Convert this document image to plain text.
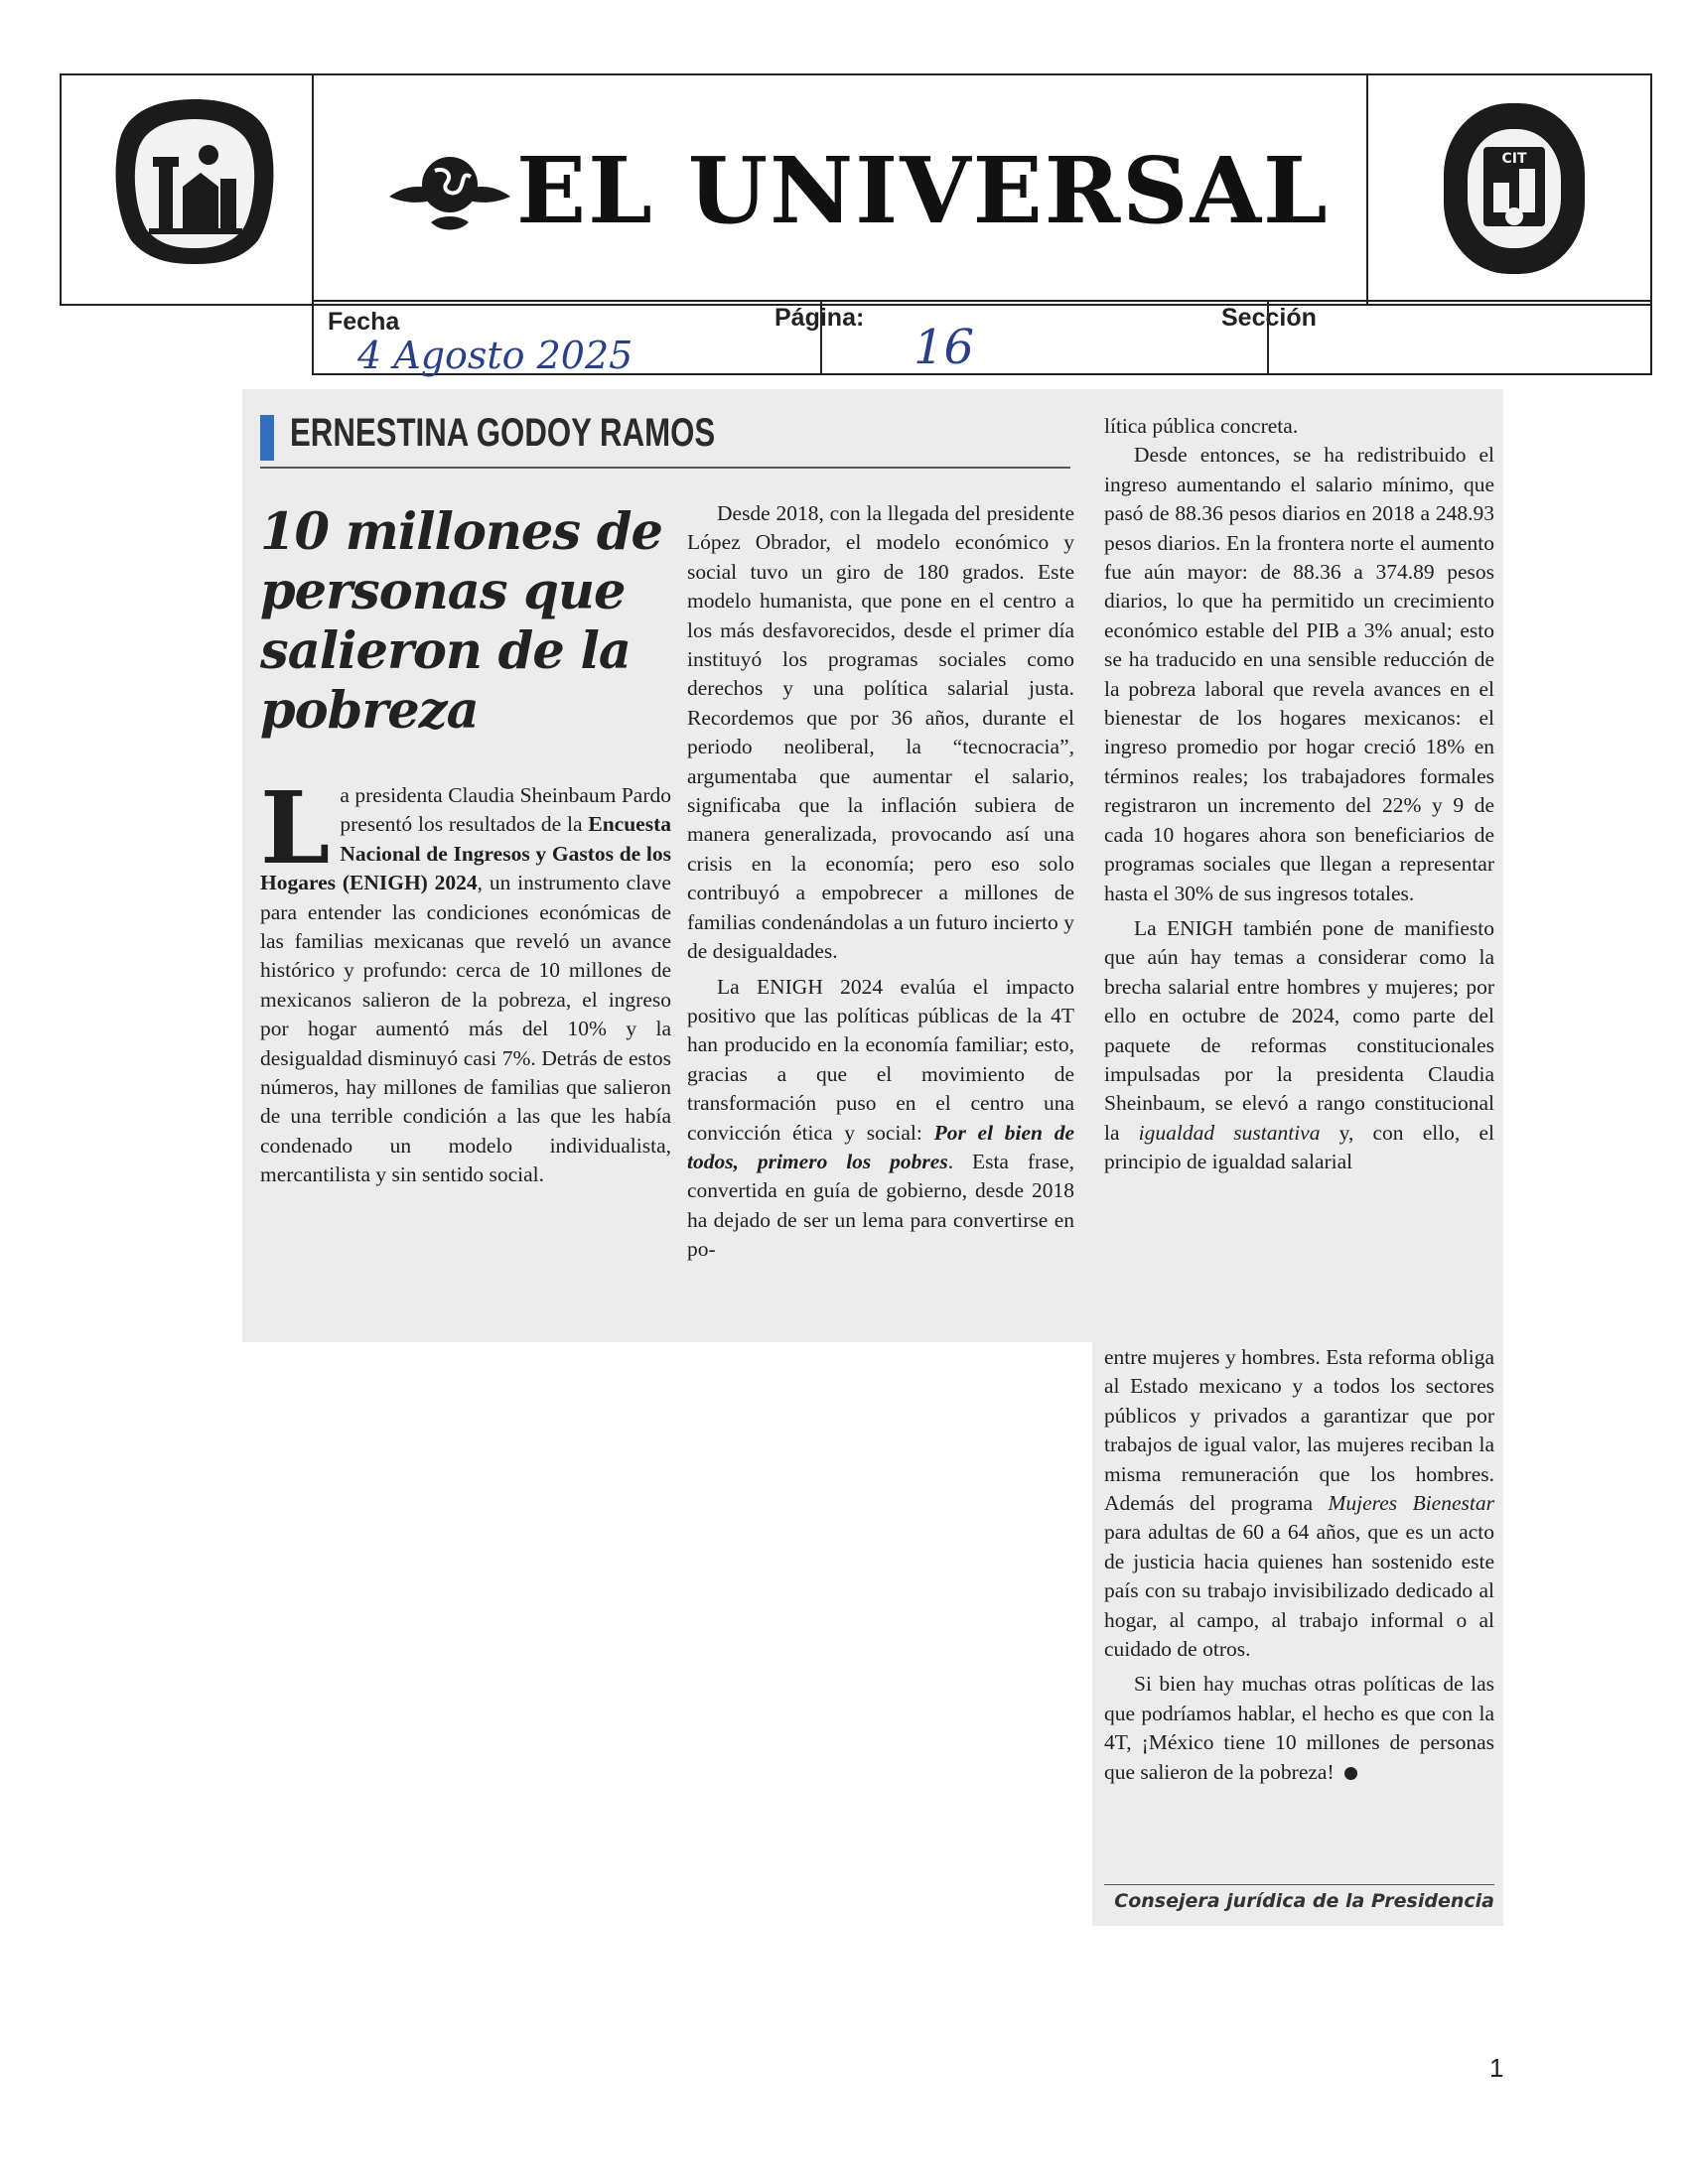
EL UNIVERSAL	CIT
Fecha
4 Agosto 2025
Página:
16
Sección
ERNESTINA GODOY RAMOS
10 millones de personas que salieron de la pobreza

La presidenta Claudia Sheinbaum Pardo presentó los resultados de la Encuesta Nacional de Ingresos y Gastos de los Hogares (ENIGH) 2024, un instrumento clave para entender las condiciones económicas de las familias mexicanas que reveló un avance histórico y profundo: cerca de 10 millones de mexicanos salieron de la pobreza, el ingreso por hogar aumentó más del 10% y la desigualdad disminuyó casi 7%. Detrás de estos números, hay millones de familias que salieron de una terrible condición a las que les había condenado un modelo individualista, mercantilista y sin sentido social.

Desde 2018, con la llegada del presidente López Obrador, el modelo económico y social tuvo un giro de 180 grados. Este modelo humanista, que pone en el centro a los más desfavorecidos, desde el primer día instituyó los programas sociales como derechos y una política salarial justa. Recordemos que por 36 años, durante el periodo neoliberal, la “tecnocracia”, argumentaba que aumentar el salario, significaba que la inflación subiera de manera generalizada, provocando así una crisis en la economía; pero eso solo contribuyó a empobrecer a millones de familias condenándolas a un futuro incierto y de desigualdades.

La ENIGH 2024 evalúa el impacto positivo que las políticas públicas de la 4T han producido en la economía familiar; esto, gracias a que el movimiento de transformación puso en el centro una convicción ética y social: Por el bien de todos, primero los pobres. Esta frase, convertida en guía de gobierno, desde 2018 ha dejado de ser un lema para convertirse en po-

lítica pública concreta.

Desde entonces, se ha redistribuido el ingreso aumentando el salario mínimo, que pasó de 88.36 pesos diarios en 2018 a 248.93 pesos diarios. En la frontera norte el aumento fue aún mayor: de 88.36 a 374.89 pesos diarios, lo que ha permitido un crecimiento económico estable del PIB a 3% anual; esto se ha traducido en una sensible reducción de la pobreza laboral que revela avances en el bienestar de los hogares mexicanos: el ingreso promedio por hogar creció 18% en términos reales; los trabajadores formales registraron un incremento del 22% y 9 de cada 10 hogares ahora son beneficiarios de programas sociales que llegan a representar hasta el 30% de sus ingresos totales.

La ENIGH también pone de manifiesto que aún hay temas a considerar como la brecha salarial entre hombres y mujeres; por ello en octubre de 2024, como parte del paquete de reformas constitucionales impulsadas por la presidenta Claudia Sheinbaum, se elevó a rango constitucional la igualdad sustantiva y, con ello, el principio de igualdad salarial

entre mujeres y hombres. Esta reforma obliga al Estado mexicano y a todos los sectores públicos y privados a garantizar que por trabajos de igual valor, las mujeres reciban la misma remuneración que los hombres. Además del programa Mujeres Bienestar para adultas de 60 a 64 años, que es un acto de justicia hacia quienes han sostenido este país con su trabajo invisibilizado dedicado al hogar, al campo, al trabajo informal o al cuidado de otros.

Si bien hay muchas otras políticas de las que podríamos hablar, el hecho es que con la 4T, ¡México tiene 10 millones de personas que salieron de la pobreza!

Consejera jurídica de la Presidencia
1
